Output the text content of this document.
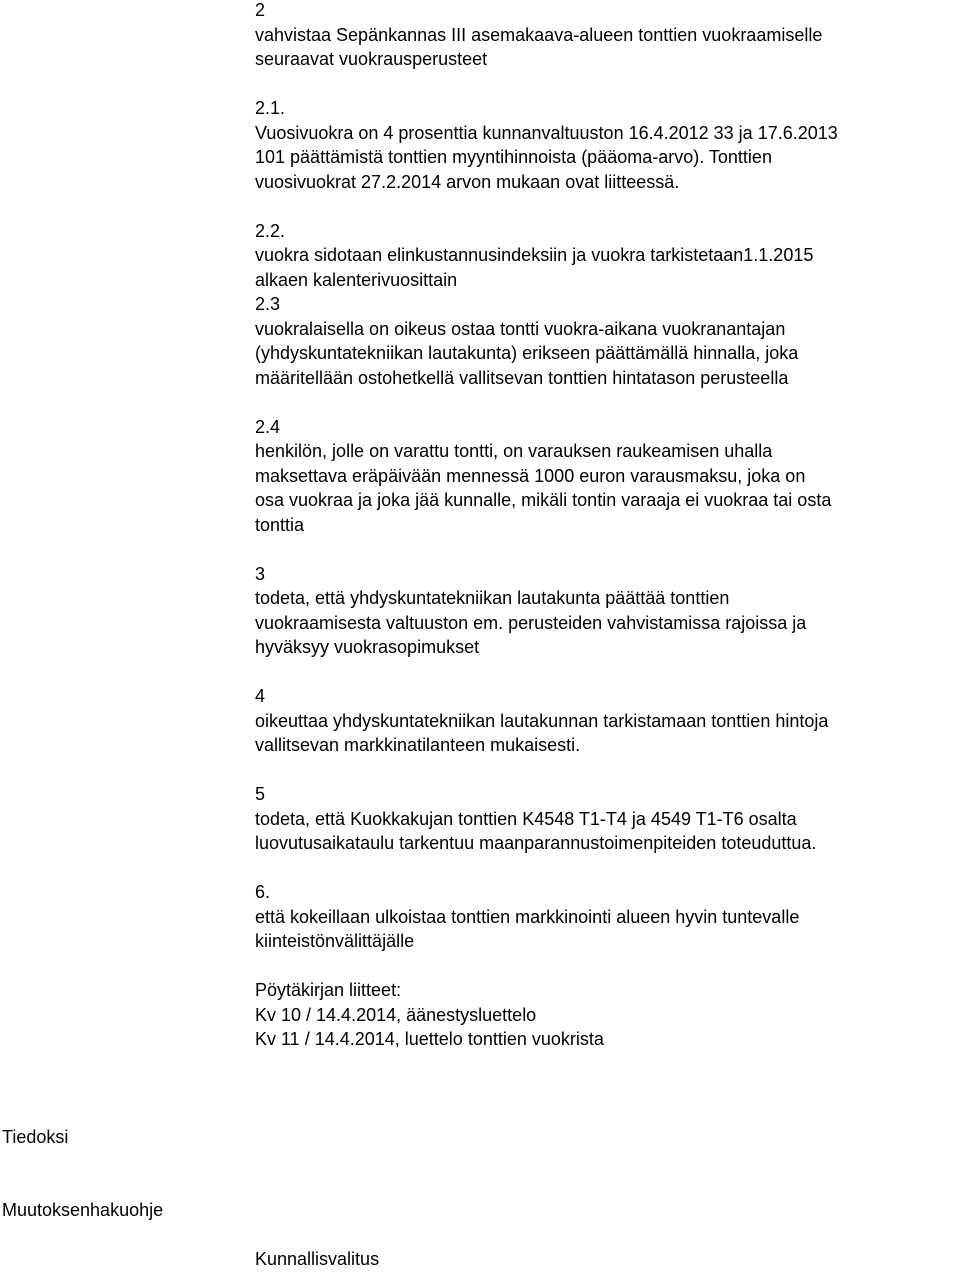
2
vahvistaa Sepänkannas III asemakaava-alueen tonttien vuokraamiselle
seuraavat vuokrausperusteet
2.1.
Vuosivuokra on 4 prosenttia kunnanvaltuuston 16.4.2012 33 ja 17.6.2013
101 päättämistä tonttien myyntihinnoista (pääoma-arvo). Tonttien
vuosivuokrat 27.2.2014 arvon mukaan ovat liitteessä.
2.2.
vuokra sidotaan elinkustannusindeksiin ja vuokra tarkistetaan1.1.2015
alkaen kalenterivuosittain
2.3
vuokralaisella on oikeus ostaa tontti vuokra-aikana vuokranantajan
(yhdyskuntatekniikan lautakunta) erikseen päättämällä hinnalla, joka
määritellään ostohetkellä vallitsevan tonttien hintatason perusteella
2.4
henkilön, jolle on varattu tontti, on varauksen raukeamisen uhalla
maksettava eräpäivään mennessä 1000 euron varausmaksu, joka on
osa vuokraa ja joka jää kunnalle, mikäli tontin varaaja ei vuokraa tai osta
tonttia
3
todeta, että yhdyskuntatekniikan lautakunta päättää tonttien
vuokraamisesta valtuuston em. perusteiden vahvistamissa rajoissa ja
hyväksyy vuokrasopimukset
4
oikeuttaa yhdyskuntatekniikan lautakunnan tarkistamaan tonttien hintoja
vallitsevan markkinatilanteen mukaisesti.
5
todeta, että Kuokkakujan tonttien K4548 T1-T4 ja 4549 T1-T6 osalta
luovutusaikataulu tarkentuu maanparannustoimenpiteiden toteuduttua.
6.
että kokeillaan ulkoistaa tonttien markkinointi alueen hyvin tuntevalle
kiinteistönvälittäjälle
Pöytäkirjan liitteet:
Kv 10 / 14.4.2014, äänestysluettelo
Kv 11 / 14.4.2014, luettelo tonttien vuokrista
Tiedoksi
Muutoksenhakuohje
Kunnallisvalitus
